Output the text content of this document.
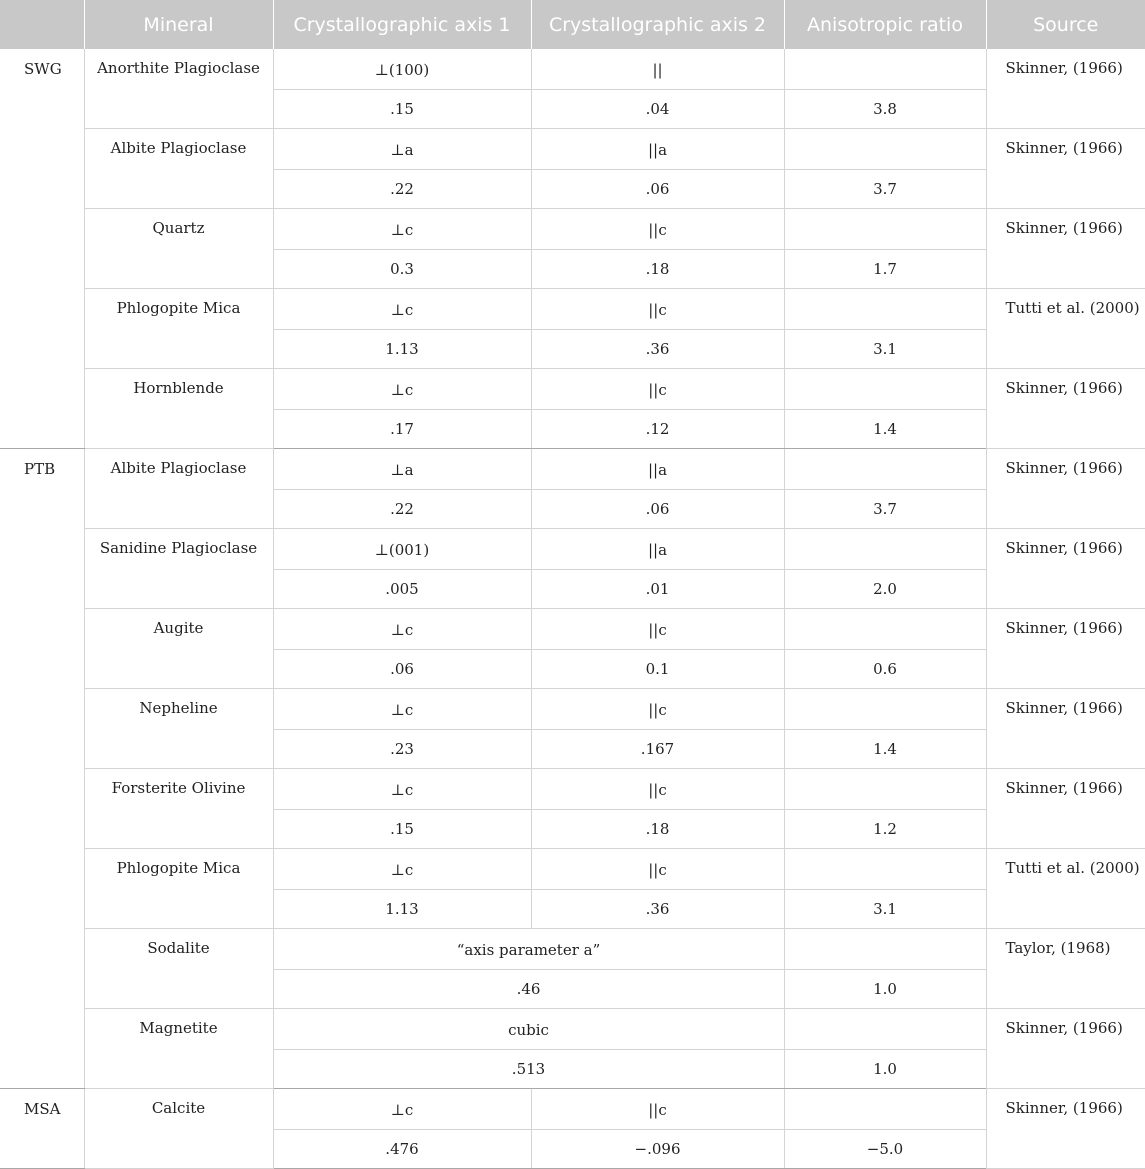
	Mineral	Crystallographic axis 1	Crystallographic axis 2	Anisotropic ratio	Source
SWG	Anorthite Plagioclase	⊥(100)	||		Skinner, (1966)
		.15	.04	3.8	
	Albite Plagioclase	⊥a	||a		Skinner, (1966)
		.22	.06	3.7	
	Quartz	⊥c	||c		Skinner, (1966)
		0.3	.18	1.7	
	Phlogopite Mica	⊥c	||c		Tutti et al. (2000)
		1.13	.36	3.1	
	Hornblende	⊥c	||c		Skinner, (1966)
		.17	.12	1.4	
PTB	Albite Plagioclase	⊥a	||a		Skinner, (1966)
		.22	.06	3.7	
	Sanidine Plagioclase	⊥(001)	||a		Skinner, (1966)
		.005	.01	2.0	
	Augite	⊥c	||c		Skinner, (1966)
		.06	0.1	0.6	
	Nepheline	⊥c	||c		Skinner, (1966)
		.23	.167	1.4	
	Forsterite Olivine	⊥c	||c		Skinner, (1966)
		.15	.18	1.2	
	Phlogopite Mica	⊥c	||c		Tutti et al. (2000)
		1.13	.36	3.1	
	Sodalite	“axis parameter a”			Taylor, (1968)
		.46		1.0	
	Magnetite	cubic			Skinner, (1966)
		.513		1.0	
MSA	Calcite	⊥c	||c		Skinner, (1966)
		.476	−.096	−5.0	
